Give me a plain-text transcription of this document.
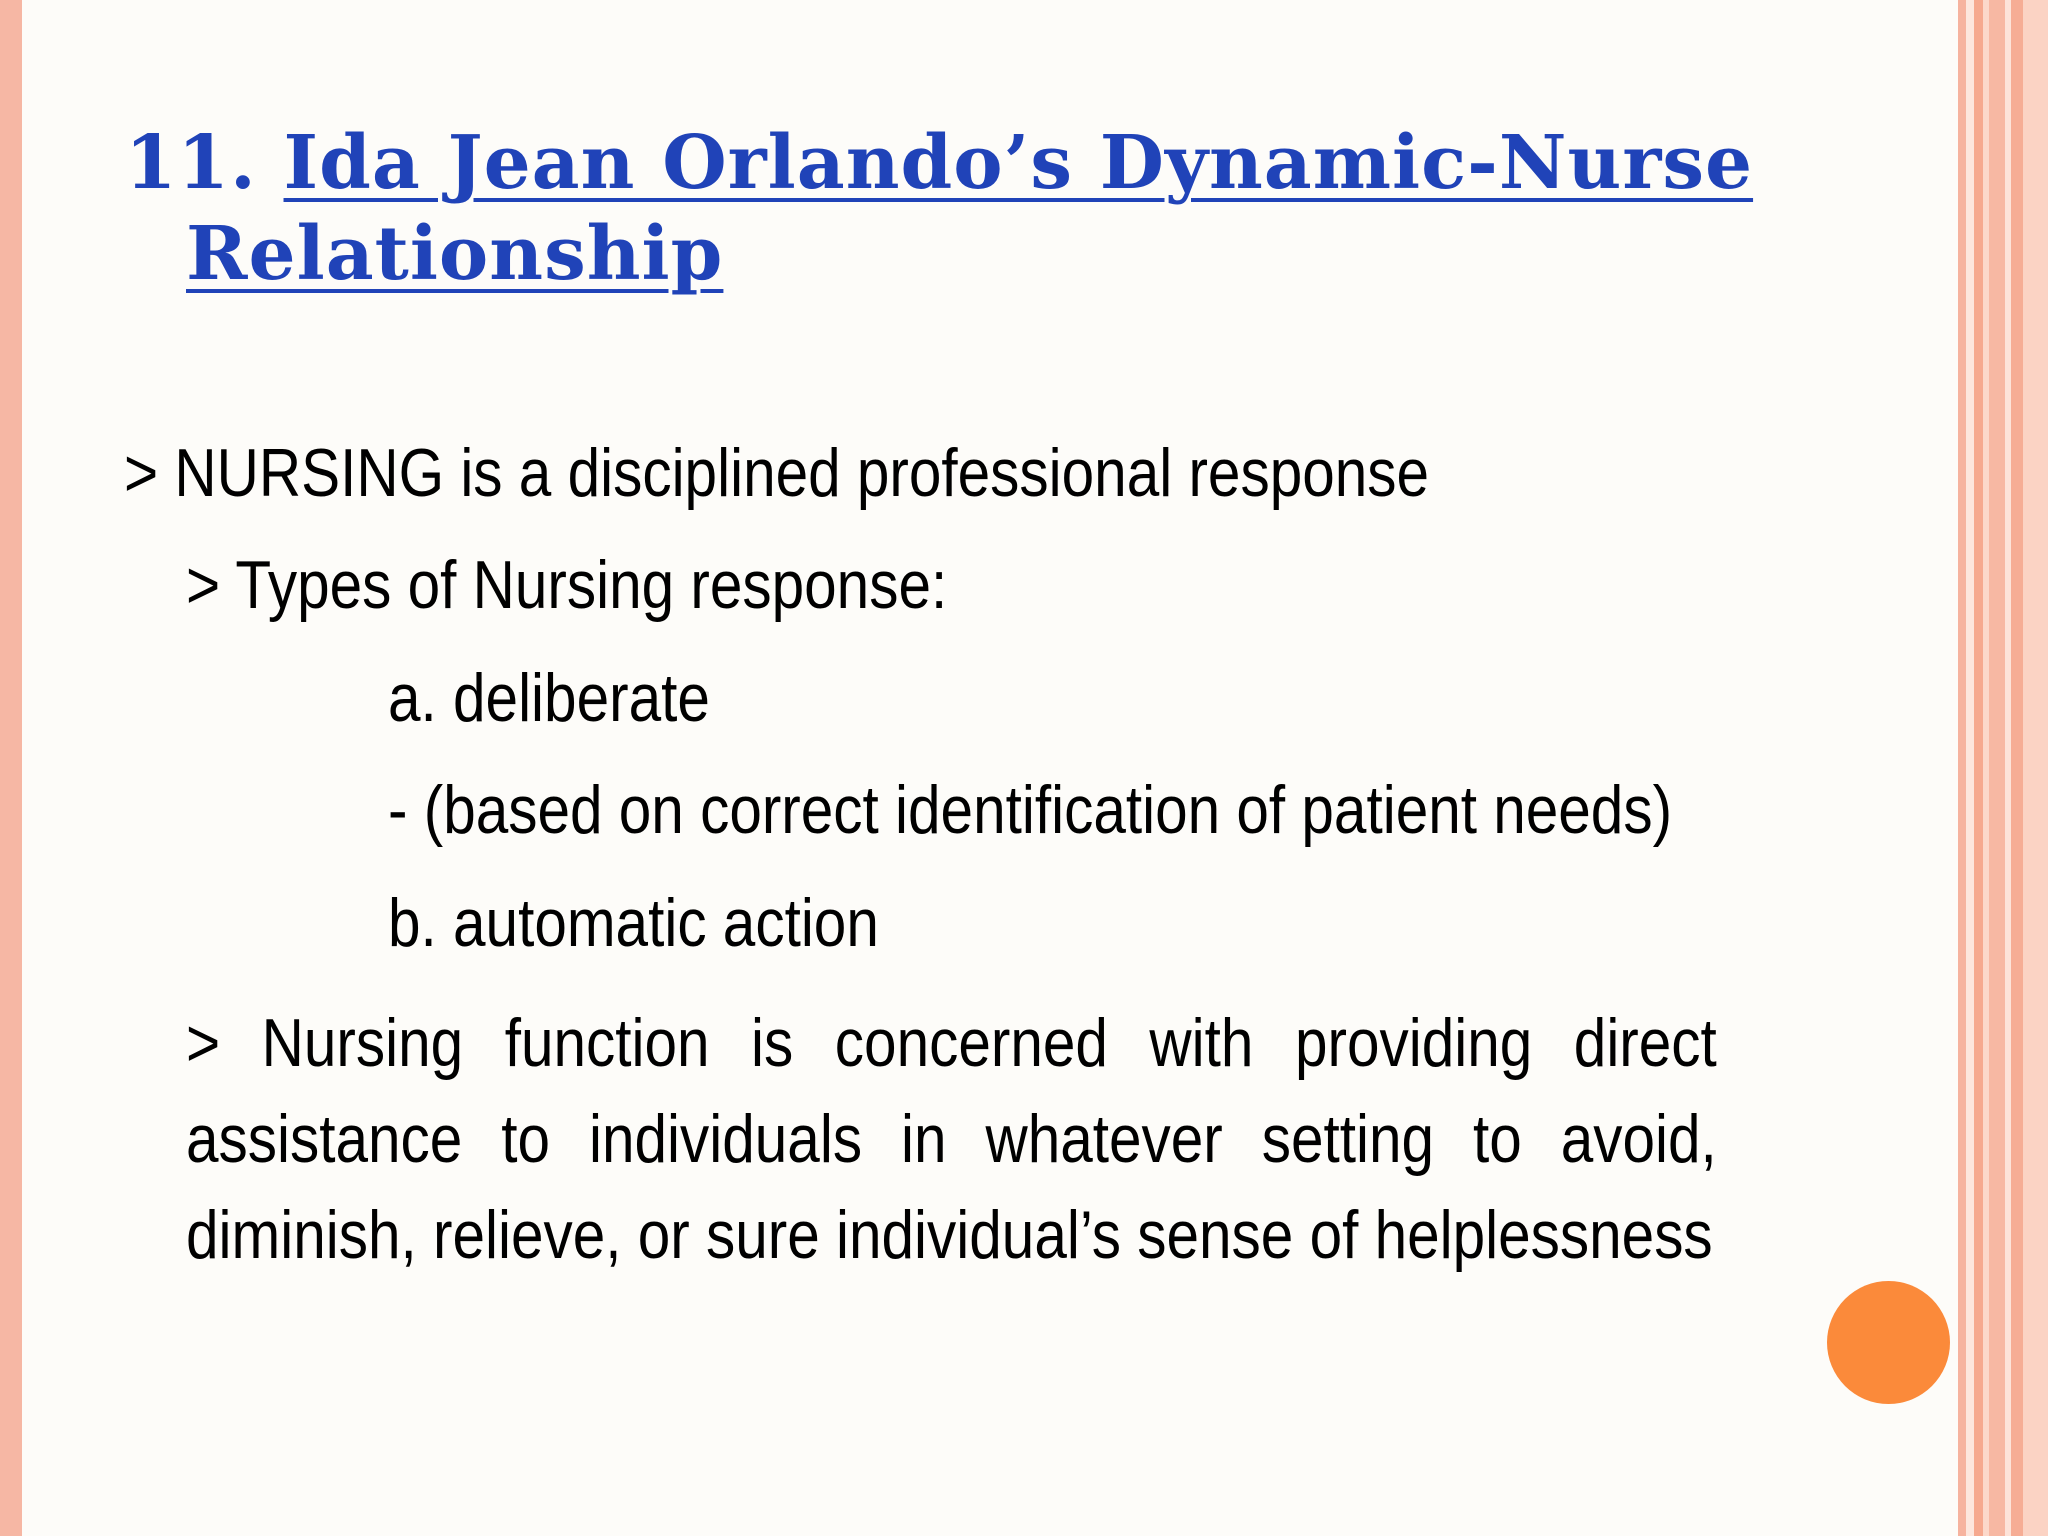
11. Ida Jean Orlando’s Dynamic-Nurse
Relationship
> NURSING is a disciplined professional response
> Types of Nursing response:
a. deliberate
- (based on correct identification of patient needs)
b. automatic action
> Nursing function is concerned with providing direct assistance to individuals in whatever setting to avoid, diminish, relieve, or sure individual’s sense of helplessness
